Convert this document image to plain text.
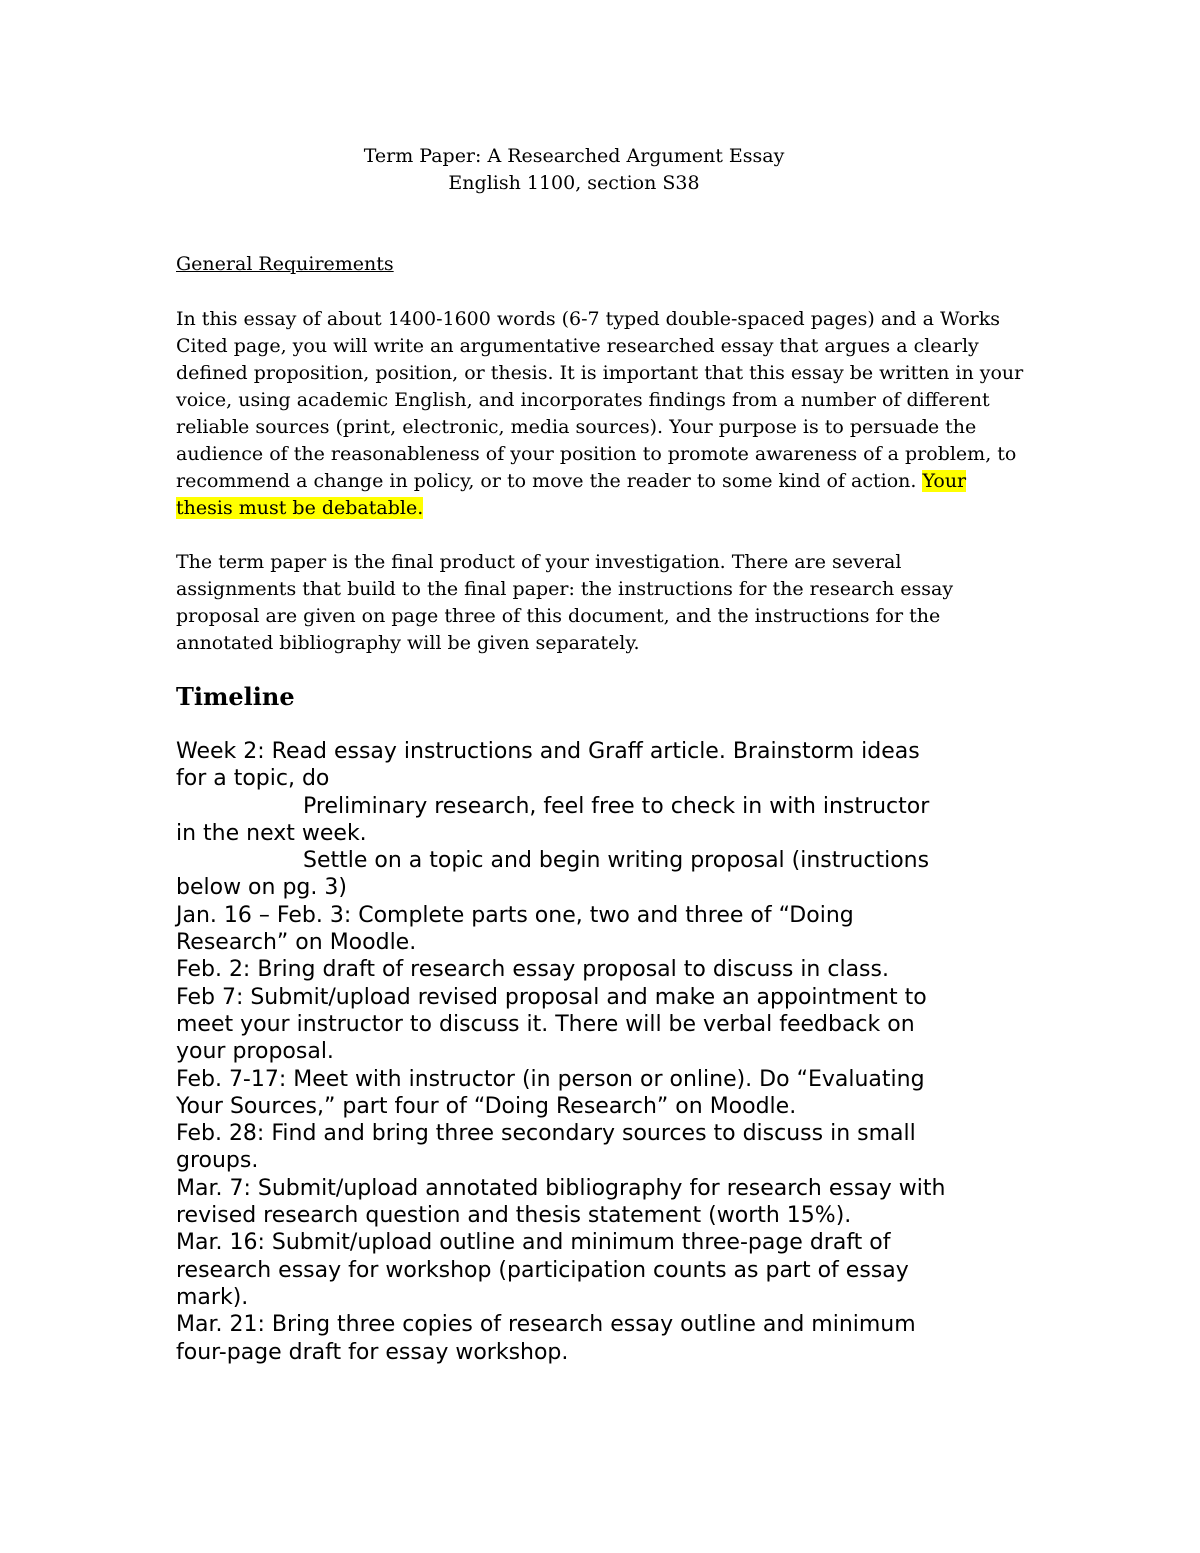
Term Paper: A Researched Argument Essay
English 1100, section S38
General Requirements

In this essay of about 1400-1600 words (6-7 typed double-spaced pages) and a Works Cited page, you will write an argumentative researched essay that argues a clearly defined proposition, position, or thesis. It is important that this essay be written in your voice, using academic English, and incorporates findings from a number of different reliable sources (print, electronic, media sources). Your purpose is to persuade the audience of the reasonableness of your position to promote awareness of a problem, to recommend a change in policy, or to move the reader to some kind of action. Your thesis must be debatable.

The term paper is the final product of your investigation. There are several assignments that build to the final paper: the instructions for the research essay proposal are given on page three of this document, and the instructions for the annotated bibliography will be given separately.

Timeline

Week 2: Read essay instructions and Graff article. Brainstorm ideas

for a topic, do

Preliminary research, feel free to check in with instructor

in the next week.

Settle on a topic and begin writing proposal (instructions

below on pg. 3)

Jan. 16 – Feb. 3: Complete parts one, two and three of “Doing

Research” on Moodle.

Feb. 2: Bring draft of research essay proposal to discuss in class.

Feb 7: Submit/upload revised proposal and make an appointment to

meet your instructor to discuss it. There will be verbal feedback on

your proposal.

Feb. 7-17: Meet with instructor (in person or online). Do “Evaluating

Your Sources,” part four of “Doing Research” on Moodle.

Feb. 28: Find and bring three secondary sources to discuss in small

groups.

Mar. 7: Submit/upload annotated bibliography for research essay with

revised research question and thesis statement (worth 15%).

Mar. 16: Submit/upload outline and minimum three-page draft of

research essay for workshop (participation counts as part of essay

mark).

Mar. 21: Bring three copies of research essay outline and minimum

four-page draft for essay workshop.
